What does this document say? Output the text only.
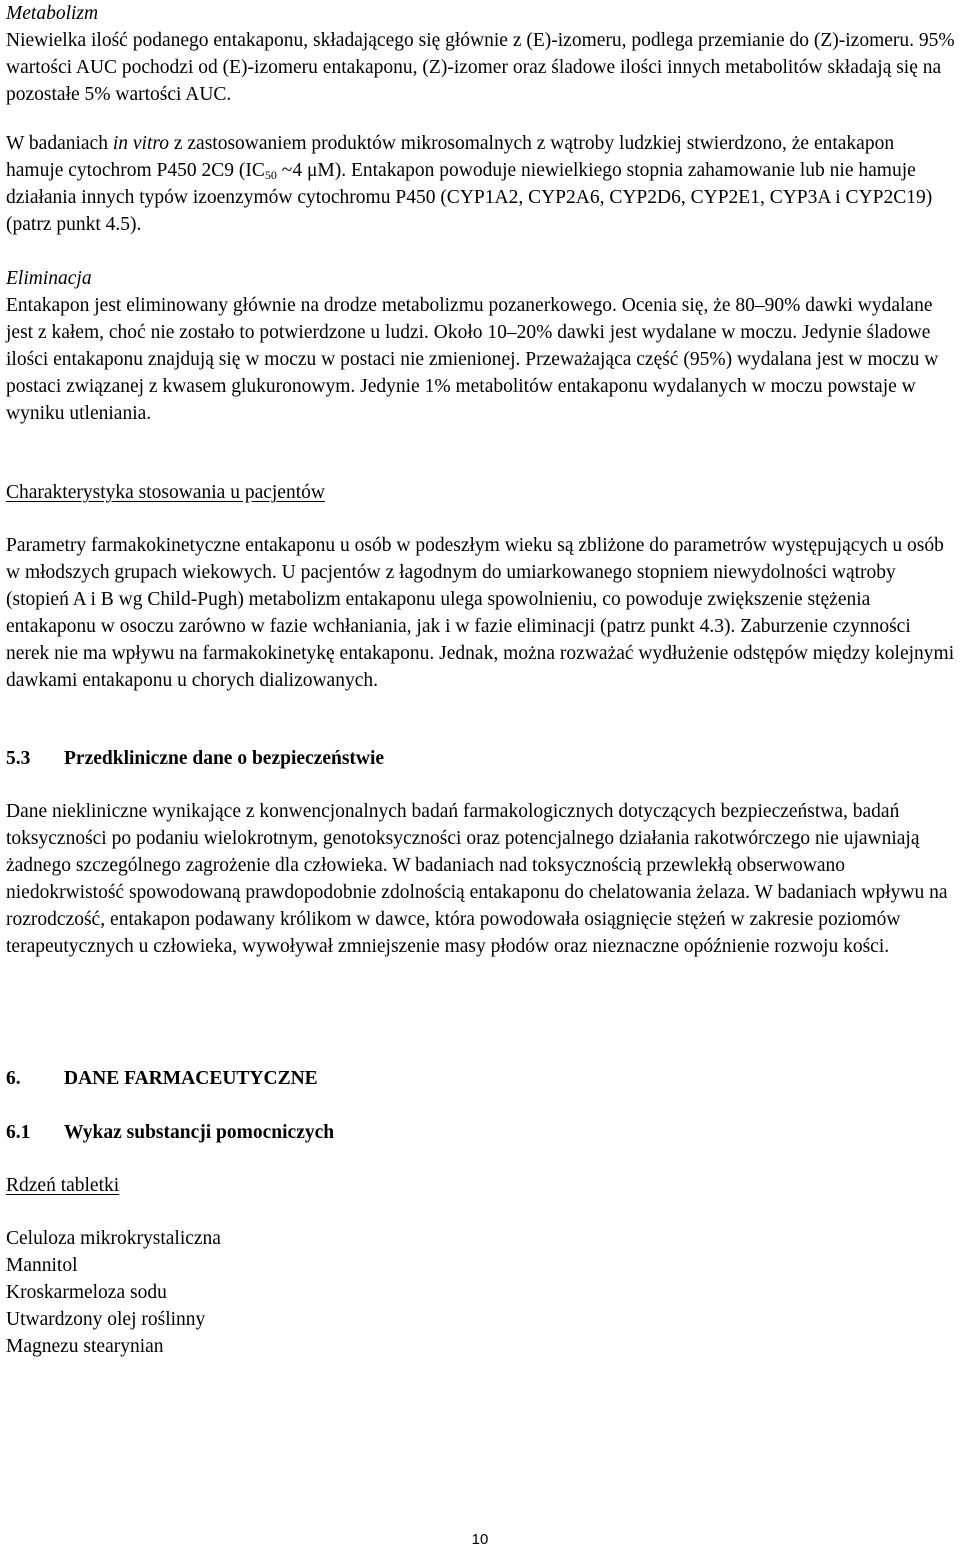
Metabolizm

Niewielka ilość podanego entakaponu, składającego się głównie z (E)-izomeru, podlega przemianie do (Z)-izomeru. 95% wartości AUC pochodzi od (E)-izomeru entakaponu, (Z)-izomer oraz śladowe ilości innych metabolitów składają się na pozostałe 5% wartości AUC.

W badaniach in vitro z zastosowaniem produktów mikrosomalnych z wątroby ludzkiej stwierdzono, że entakapon hamuje cytochrom P450 2C9 ($IC_{50}$ ~4 μM). Entakapon powoduje niewielkiego stopnia zahamowanie lub nie hamuje działania innych typów izoenzymów cytochromu P450 (CYP1A2, CYP2A6, CYP2D6, CYP2E1, CYP3A i CYP2C19) (patrz punkt 4.5).

Eliminacja

Entakapon jest eliminowany głównie na drodze metabolizmu pozanerkowego. Ocenia się, że 80–90% dawki wydalane jest z kałem, choć nie zostało to potwierdzone u ludzi. Około 10–20% dawki jest wydalane w moczu. Jedynie śladowe ilości entakaponu znajdują się w moczu w postaci nie zmienionej. Przeważająca część (95%) wydalana jest w moczu w postaci związanej z kwasem glukuronowym. Jedynie 1% metabolitów entakaponu wydalanych w moczu powstaje w wyniku utleniania.

Charakterystyka stosowania u pacjentów

Parametry farmakokinetyczne entakaponu u osób w podeszłym wieku są zbliżone do parametrów występujących u osób w młodszych grupach wiekowych. U pacjentów z łagodnym do umiarkowanego stopniem niewydolności wątroby (stopień A i B wg Child-Pugh) metabolizm entakaponu ulega spowolnieniu, co powoduje zwiększenie stężenia entakaponu w osoczu zarówno w fazie wchłaniania, jak i w fazie eliminacji (patrz punkt 4.3). Zaburzenie czynności nerek nie ma wpływu na farmakokinetykę entakaponu. Jednak, można rozważać wydłużenie odstępów między kolejnymi dawkami entakaponu u chorych dializowanych.

5.3 Przedkliniczne dane o bezpieczeństwie

Dane niekliniczne wynikające z konwencjonalnych badań farmakologicznych dotyczących bezpieczeństwa, badań toksyczności po podaniu wielokrotnym, genotoksyczności oraz potencjalnego działania rakotwórczego nie ujawniają żadnego szczególnego zagrożenie dla człowieka. W badaniach nad toksycznością przewlekłą obserwowano niedokrwistość spowodowaną prawdopodobnie zdolnością entakaponu do chelatowania żelaza. W badaniach wpływu na rozrodczość, entakapon podawany królikom w dawce, która powodowała osiągnięcie stężeń w zakresie poziomów terapeutycznych u człowieka, wywoływał zmniejszenie masy płodów oraz nieznaczne opóźnienie rozwoju kości.

6. DANE FARMACEUTYCZNE
6.1 Wykaz substancji pomocniczych

Rdzeń tabletki

Celuloza mikrokrystaliczna
Mannitol
Kroskarmeloza sodu
Utwardzony olej roślinny
Magnezu stearynian
10
